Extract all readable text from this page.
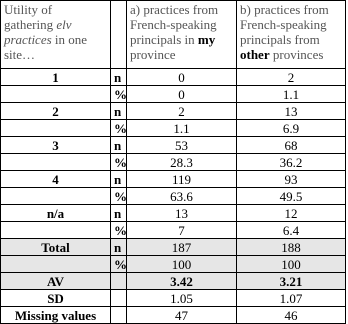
Utility of
gathering elv
practices in one
site…		a) practices from
French-speaking
principals in my
province	b) practices from
French-speaking
principals from
other provinces
1	n	0	2
	%	0	1.1
2	n	2	13
	%	1.1	6.9
3	n	53	68
	%	28.3	36.2
4	n	119	93
	%	63.6	49.5
n/a	n	13	12
	%	7	6.4
Total	n	187	188
	%	100	100
AV		3.42	3.21
SD		1.05	1.07
Missing values		47	46
